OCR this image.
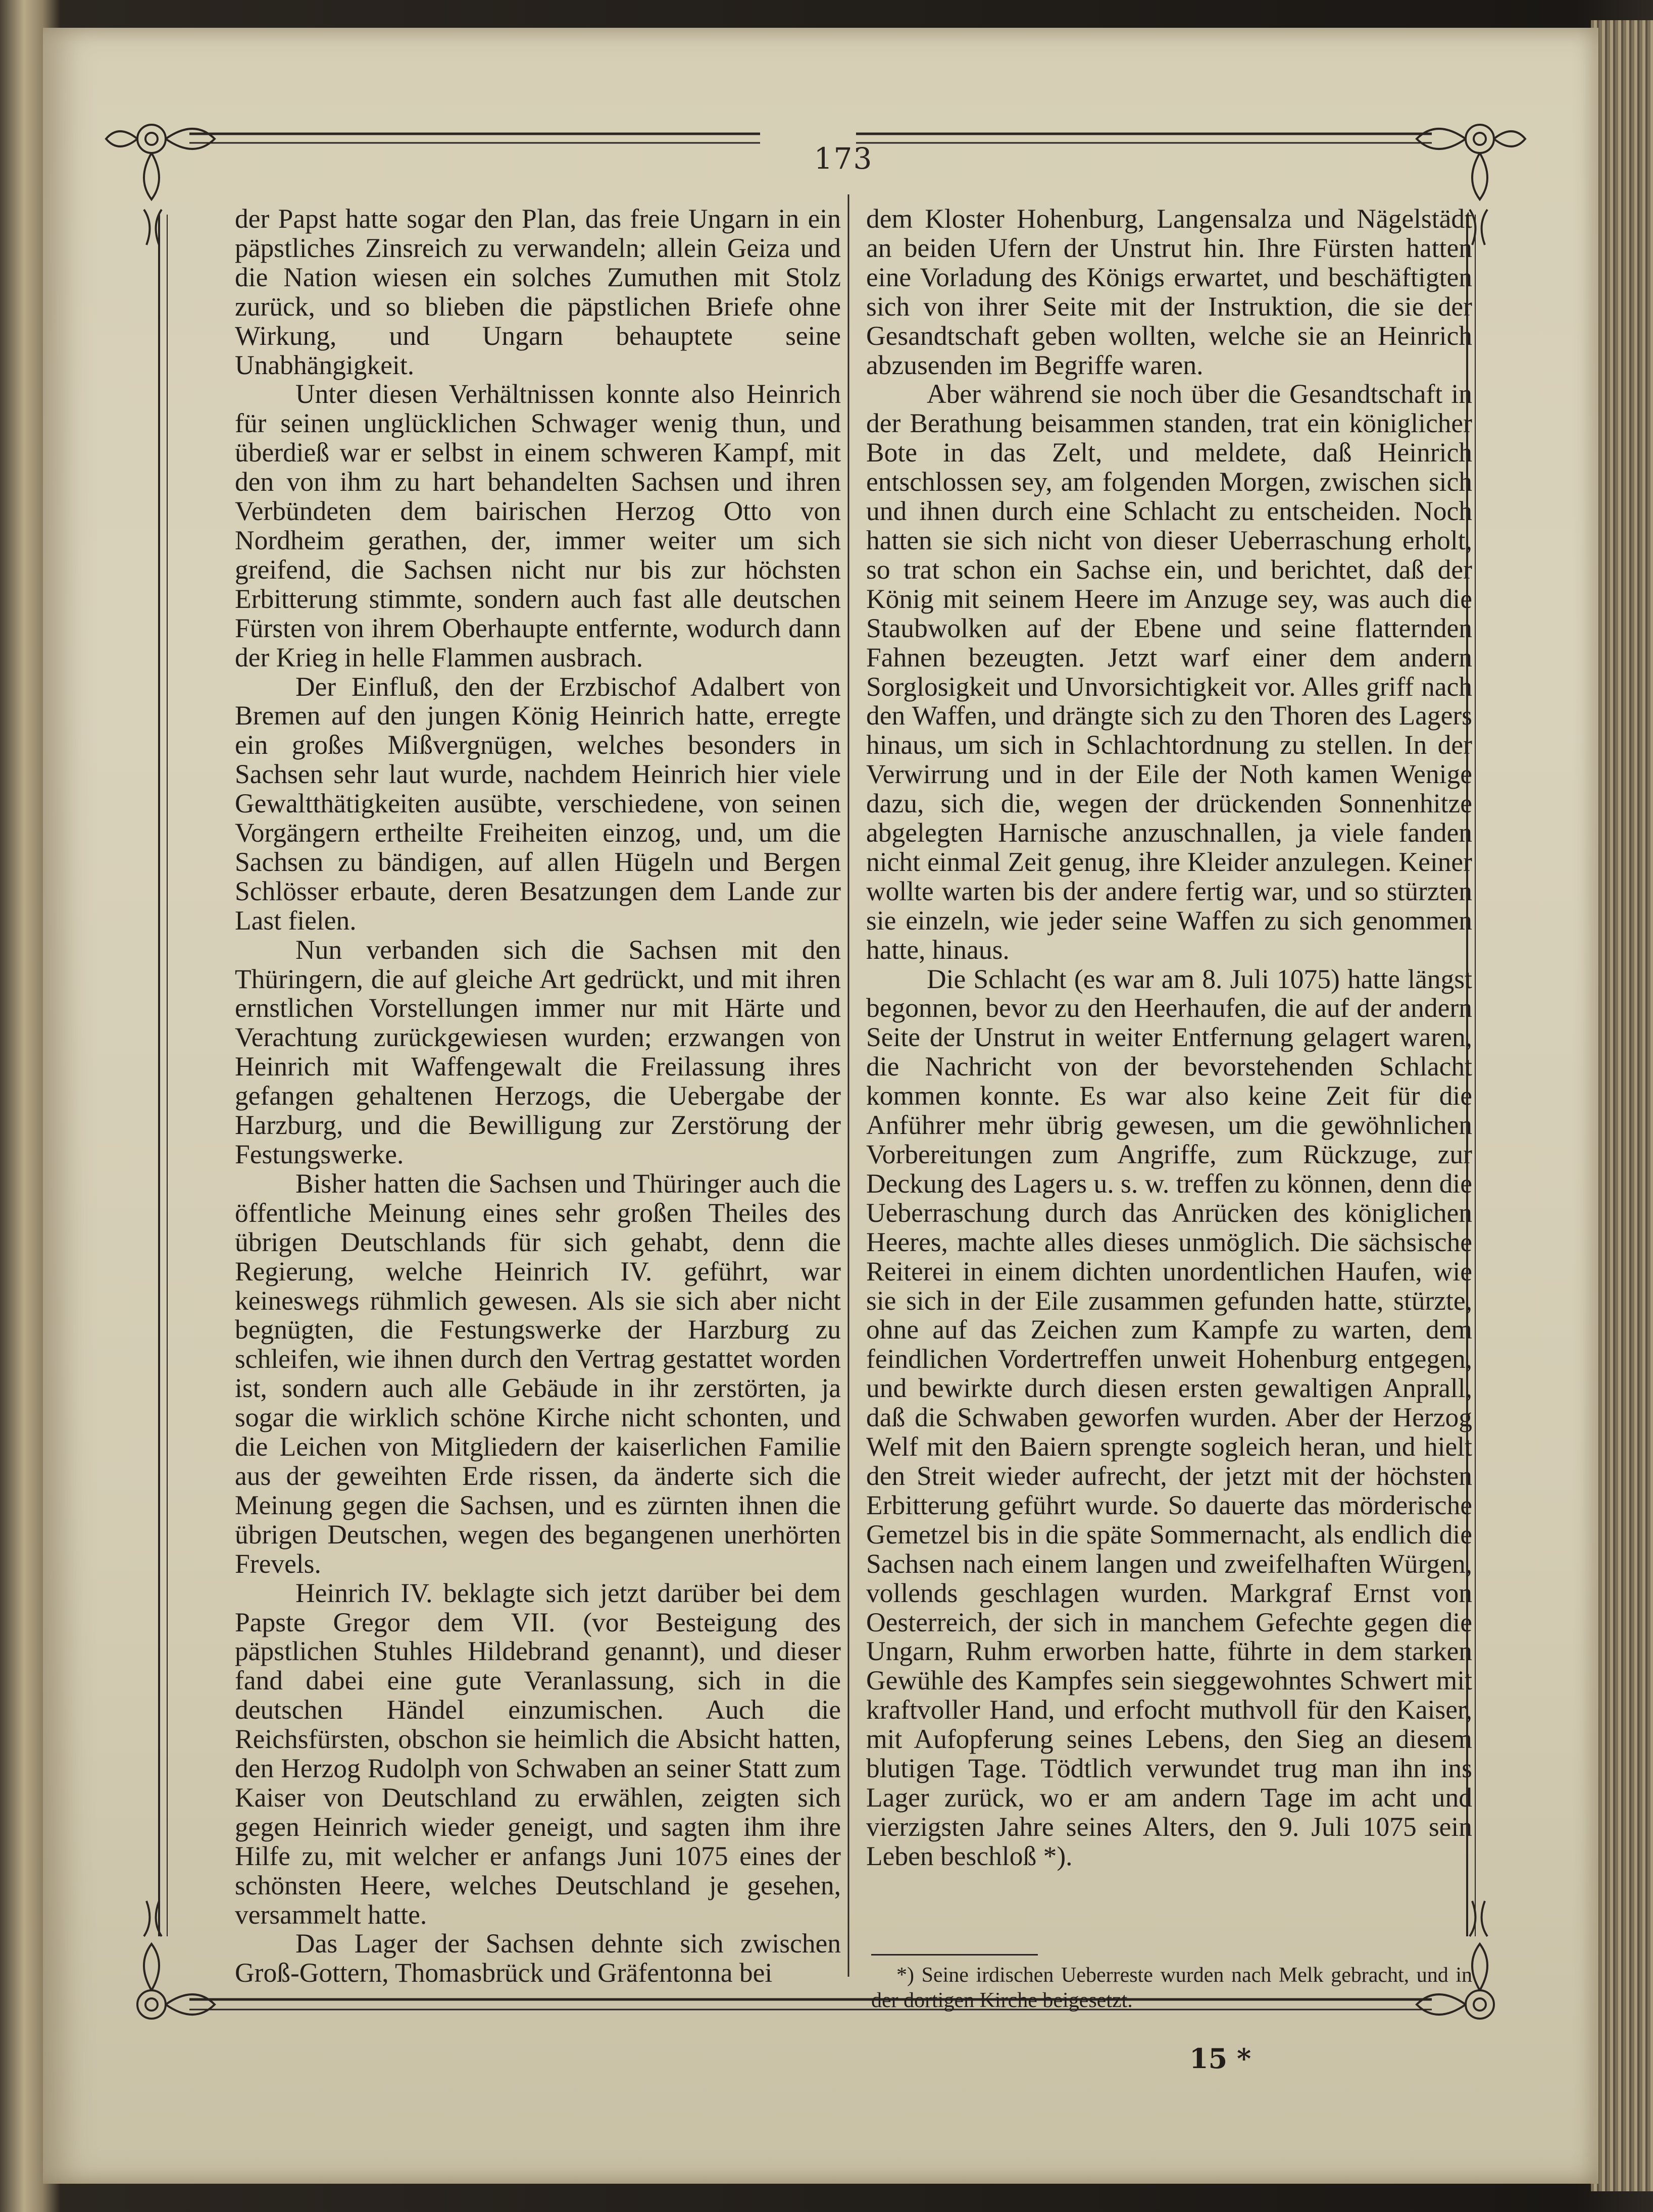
173

der Papst hatte sogar den Plan, das freie Ungarn in ein päpstliches Zinsreich zu verwandeln; allein Geiza und die Nation wiesen ein solches Zumuthen mit Stolz zurück, und so blieben die päpstlichen Briefe ohne Wirkung, und Ungarn behauptete seine Unabhängigkeit.

Unter diesen Verhältnissen konnte also Heinrich für seinen unglücklichen Schwager wenig thun, und überdieß war er selbst in einem schweren Kampf, mit den von ihm zu hart behandelten Sachsen und ihren Verbündeten dem bairischen Herzog Otto von Nordheim gerathen, der, immer weiter um sich greifend, die Sachsen nicht nur bis zur höchsten Erbitterung stimmte, sondern auch fast alle deutschen Fürsten von ihrem Oberhaupte entfernte, wodurch dann der Krieg in helle Flammen ausbrach.

Der Einfluß, den der Erzbischof Adalbert von Bremen auf den jungen König Heinrich hatte, erregte ein großes Mißvergnügen, welches besonders in Sachsen sehr laut wurde, nachdem Heinrich hier viele Gewaltthätigkeiten ausübte, verschiedene, von seinen Vorgängern ertheilte Freiheiten einzog, und, um die Sachsen zu bändigen, auf allen Hügeln und Bergen Schlösser erbaute, deren Besatzungen dem Lande zur Last fielen.

Nun verbanden sich die Sachsen mit den Thüringern, die auf gleiche Art gedrückt, und mit ihren ernstlichen Vorstellungen immer nur mit Härte und Verachtung zurückgewiesen wurden; erzwangen von Heinrich mit Waffengewalt die Freilassung ihres gefangen gehaltenen Herzogs, die Uebergabe der Harzburg, und die Bewilligung zur Zerstörung der Festungswerke.

Bisher hatten die Sachsen und Thüringer auch die öffentliche Meinung eines sehr großen Theiles des übrigen Deutschlands für sich gehabt, denn die Regierung, welche Heinrich IV. geführt, war keineswegs rühmlich gewesen. Als sie sich aber nicht begnügten, die Festungswerke der Harzburg zu schleifen, wie ihnen durch den Vertrag gestattet worden ist, sondern auch alle Gebäude in ihr zerstörten, ja sogar die wirklich schöne Kirche nicht schonten, und die Leichen von Mitgliedern der kaiserlichen Familie aus der geweihten Erde rissen, da änderte sich die Meinung gegen die Sachsen, und es zürnten ihnen die übrigen Deutschen, wegen des begangenen unerhörten Frevels.

Heinrich IV. beklagte sich jetzt darüber bei dem Papste Gregor dem VII. (vor Besteigung des päpstlichen Stuhles Hildebrand genannt), und dieser fand dabei eine gute Veranlassung, sich in die deutschen Händel einzumischen. Auch die Reichsfürsten, obschon sie heimlich die Absicht hatten, den Herzog Rudolph von Schwaben an seiner Statt zum Kaiser von Deutschland zu erwählen, zeigten sich gegen Heinrich wieder geneigt, und sagten ihm ihre Hilfe zu, mit welcher er anfangs Juni 1075 eines der schönsten Heere, welches Deutschland je gesehen, versammelt hatte.

Das Lager der Sachsen dehnte sich zwischen Groß-Gottern, Thomasbrück und Gräfentonna bei

dem Kloster Hohenburg, Langensalza und Nägelstädt an beiden Ufern der Unstrut hin. Ihre Fürsten hatten eine Vorladung des Königs erwartet, und beschäftigten sich von ihrer Seite mit der Instruktion, die sie der Gesandtschaft geben wollten, welche sie an Heinrich abzusenden im Begriffe waren.

Aber während sie noch über die Gesandtschaft in der Berathung beisammen standen, trat ein königlicher Bote in das Zelt, und meldete, daß Heinrich entschlossen sey, am folgenden Morgen, zwischen sich und ihnen durch eine Schlacht zu entscheiden. Noch hatten sie sich nicht von dieser Ueberraschung erholt, so trat schon ein Sachse ein, und berichtet, daß der König mit seinem Heere im Anzuge sey, was auch die Staubwolken auf der Ebene und seine flatternden Fahnen bezeugten. Jetzt warf einer dem andern Sorglosigkeit und Unvorsichtigkeit vor. Alles griff nach den Waffen, und drängte sich zu den Thoren des Lagers hinaus, um sich in Schlachtordnung zu stellen. In der Verwirrung und in der Eile der Noth kamen Wenige dazu, sich die, wegen der drückenden Sonnenhitze abgelegten Harnische anzuschnallen, ja viele fanden nicht einmal Zeit genug, ihre Kleider anzulegen. Keiner wollte warten bis der andere fertig war, und so stürzten sie einzeln, wie jeder seine Waffen zu sich genommen hatte, hinaus.

Die Schlacht (es war am 8. Juli 1075) hatte längst begonnen, bevor zu den Heerhaufen, die auf der andern Seite der Unstrut in weiter Entfernung gelagert waren, die Nachricht von der bevorstehenden Schlacht kommen konnte. Es war also keine Zeit für die Anführer mehr übrig gewesen, um die gewöhnlichen Vorbereitungen zum Angriffe, zum Rückzuge, zur Deckung des Lagers u. s. w. treffen zu können, denn die Ueberraschung durch das Anrücken des königlichen Heeres, machte alles dieses unmöglich. Die sächsische Reiterei in einem dichten unordentlichen Haufen, wie sie sich in der Eile zusammen gefunden hatte, stürzte, ohne auf das Zeichen zum Kampfe zu warten, dem feindlichen Vordertreffen unweit Hohenburg entgegen, und bewirkte durch diesen ersten gewaltigen Anprall, daß die Schwaben geworfen wurden. Aber der Herzog Welf mit den Baiern sprengte sogleich heran, und hielt den Streit wieder aufrecht, der jetzt mit der höchsten Erbitterung geführt wurde. So dauerte das mörderische Gemetzel bis in die späte Sommernacht, als endlich die Sachsen nach einem langen und zweifelhaften Würgen, vollends geschlagen wurden. Markgraf Ernst von Oesterreich, der sich in manchem Gefechte gegen die Ungarn, Ruhm erworben hatte, führte in dem starken Gewühle des Kampfes sein sieggewohntes Schwert mit kraftvoller Hand, und erfocht muthvoll für den Kaiser, mit Aufopferung seines Lebens, den Sieg an diesem blutigen Tage. Tödtlich verwundet trug man ihn ins Lager zurück, wo er am andern Tage im acht und vierzigsten Jahre seines Alters, den 9. Juli 1075 sein Leben beschloß *).

*) Seine irdischen Ueberreste wurden nach Melk gebracht, und in der dortigen Kirche beigesetzt.
15 *
